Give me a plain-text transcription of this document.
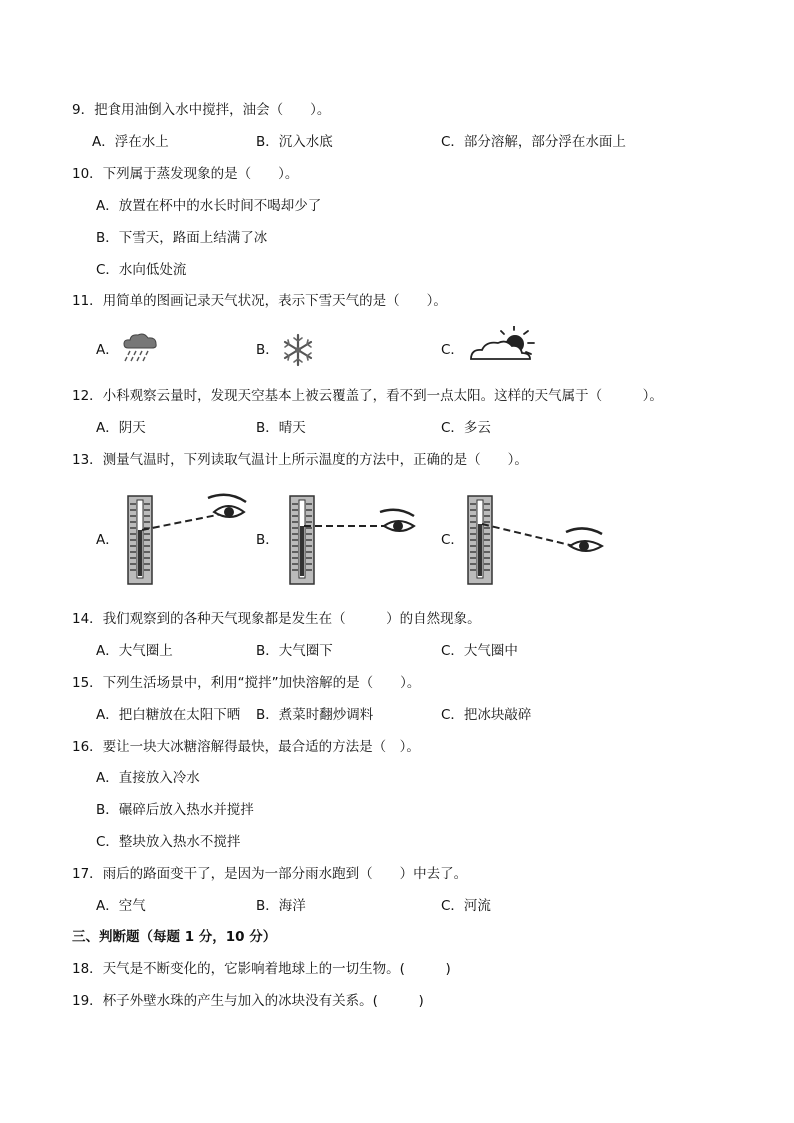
9．把食用油倒入水中搅拌，油会（　　）。
A．浮在水上	B．沉入水底	C．部分溶解，部分浮在水面上
10．下列属于蒸发现象的是（　　）。
A．放置在杯中的水长时间不喝却少了
B．下雪天，路面上结满了冰
C．水向低处流
11．用简单的图画记录天气状况，表示下雪天气的是（　　）。
A．	B．	C．
12．小科观察云量时，发现天空基本上被云覆盖了，看不到一点太阳。这样的天气属于（　　　）。
A．阴天	B．晴天	C．多云
13．测量气温时，下列读取气温计上所示温度的方法中，正确的是（　　）。
A．	B．	C．
14．我们观察到的各种天气现象都是发生在（　　　）的自然现象。
A．大气圈上	B．大气圈下	C．大气圈中
15．下列生活场景中，利用“搅拌”加快溶解的是（　　）。
A．把白糖放在太阳下晒 B．煮菜时翻炒调料	C．把冰块敲碎
16．要让一块大冰糖溶解得最快，最合适的方法是（　）。
A．直接放入冷水
B．碾碎后放入热水并搅拌
C．整块放入热水不搅拌
17．雨后的路面变干了，是因为一部分雨水跑到（　　）中去了。
A．空气	B．海洋	C．河流
三、判断题（每题 1 分，10 分）
18．天气是不断变化的，它影响着地球上的一切生物。(　　　)
19．杯子外壁水珠的产生与加入的冰块没有关系。(　　　)
